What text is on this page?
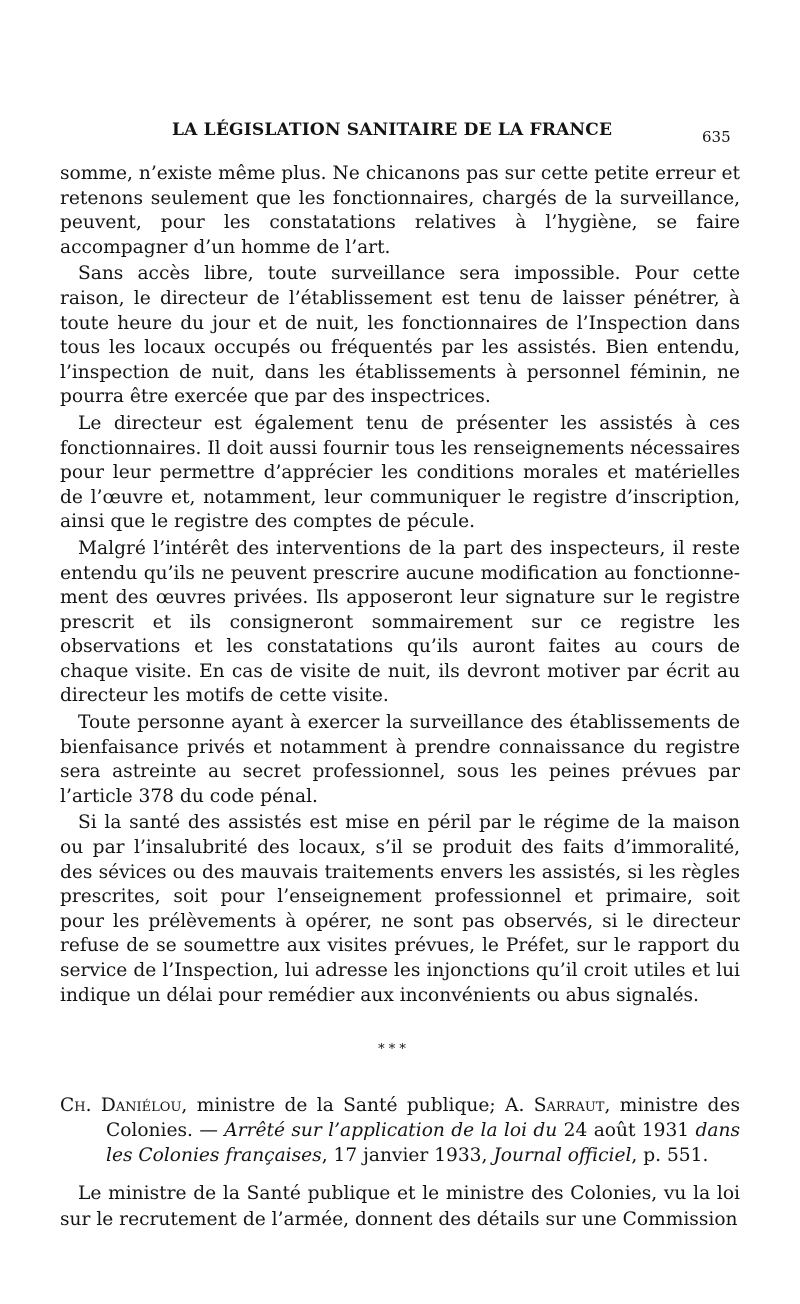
LA LÉGISLATION SANITAIRE DE LA FRANCE	635

somme, n’existe même plus. Ne chicanons pas sur cette petite erreur et retenons seulement que les fonctionnaires, chargés de la surveillance, peuvent, pour les constatations relatives à l’hygiène, se faire accompagner d’un homme de l’art.

Sans accès libre, toute surveillance sera impossible. Pour cette raison, le directeur de l’établissement est tenu de laisser pénétrer, à toute heure du jour et de nuit, les fonctionnaires de l’Inspection dans tous les locaux occupés ou fréquentés par les assistés. Bien entendu, l’inspection de nuit, dans les établissements à personnel féminin, ne pourra être exercée que par des inspectrices.

Le directeur est également tenu de présenter les assistés à ces fonctionnaires. Il doit aussi fournir tous les renseignements nécessaires pour leur permettre d’apprécier les conditions morales et matérielles de l’œuvre et, notamment, leur communiquer le registre d’inscription, ainsi que le registre des comptes de pécule.

Malgré l’intérêt des interventions de la part des inspecteurs, il reste entendu qu’ils ne peuvent prescrire aucune modification au fonctionnement des œuvres privées. Ils apposeront leur signature sur le registre prescrit et ils consigneront sommairement sur ce registre les observations et les constatations qu’ils auront faites au cours de chaque visite. En cas de visite de nuit, ils devront motiver par écrit au directeur les motifs de cette visite.

Toute personne ayant à exercer la surveillance des établissements de bienfaisance privés et notamment à prendre connaissance du registre sera astreinte au secret professionnel, sous les peines prévues par l’article 378 du code pénal.

Si la santé des assistés est mise en péril par le régime de la maison ou par l’insalubrité des locaux, s’il se produit des faits d’immoralité, des sévices ou des mauvais traitements envers les assistés, si les règles prescrites, soit pour l’enseignement professionnel et primaire, soit pour les prélèvements à opérer, ne sont pas observés, si le directeur refuse de se soumettre aux visites prévues, le Préfet, sur le rapport du service de l’Inspection, lui adresse les injonctions qu’il croit utiles et lui indique un délai pour remédier aux inconvénients ou abus signalés.

* * *
Ch. Daniélou, ministre de la Santé publique; A. Sarraut, ministre des Colonies. — Arrêté sur l’application de la loi du 24 août 1931 dans les Colonies françaises, 17 janvier 1933, Journal officiel, p. 551.

Le ministre de la Santé publique et le ministre des Colonies, vu la loi sur le recrutement de l’armée, donnent des détails sur une Commission
